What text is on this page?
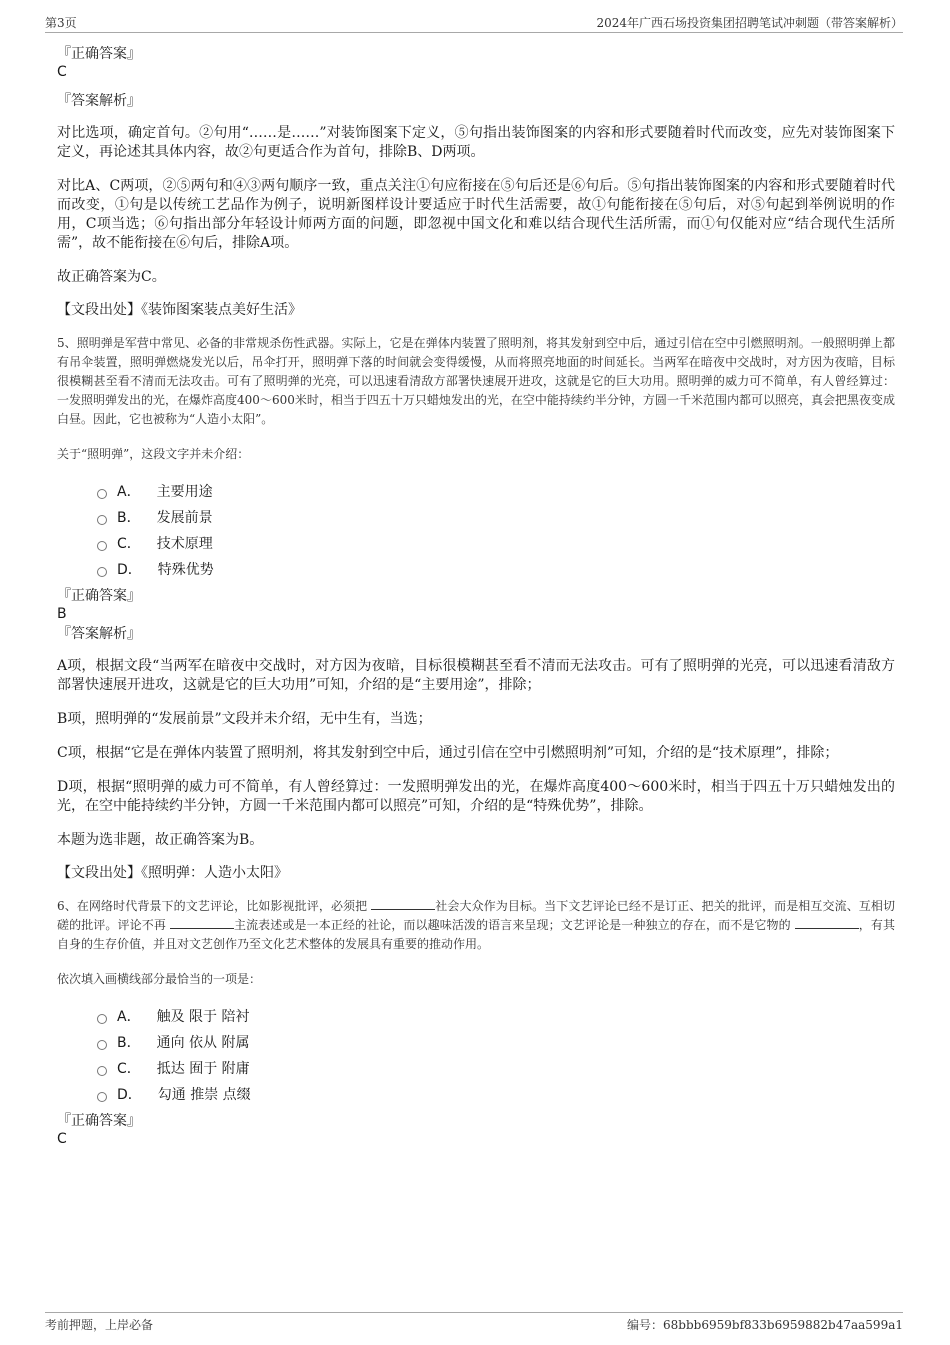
第3页	2024年广西石场投资集团招聘笔试冲刺题（带答案解析）

『正确答案』

C

『答案解析』

对比选项，确定首句。②句用“……是……”对装饰图案下定义，⑤句指出装饰图案的内容和形式要随着时代而改变，应先对装饰图案下定义，再论述其具体内容，故②句更适合作为首句，排除B、D两项。

对比A、C两项，②⑤两句和④③两句顺序一致，重点关注①句应衔接在⑤句后还是⑥句后。⑤句指出装饰图案的内容和形式要随着时代而改变，①句是以传统工艺品作为例子，说明新图样设计要适应于时代生活需要，故①句能衔接在⑤句后，对⑤句起到举例说明的作用，C项当选；⑥句指出部分年轻设计师两方面的问题，即忽视中国文化和难以结合现代生活所需，而①句仅能对应“结合现代生活所需”，故不能衔接在⑥句后，排除A项。

故正确答案为C。

【文段出处】《装饰图案装点美好生活》

5、照明弹是军营中常见、必备的非常规杀伤性武器。实际上，它是在弹体内装置了照明剂，将其发射到空中后，通过引信在空中引燃照明剂。一般照明弹上都有吊伞装置，照明弹燃烧发光以后，吊伞打开，照明弹下落的时间就会变得缓慢，从而将照亮地面的时间延长。当两军在暗夜中交战时，对方因为夜暗，目标很模糊甚至看不清而无法攻击。可有了照明弹的光亮，可以迅速看清敌方部署快速展开进攻，这就是它的巨大功用。照明弹的威力可不简单，有人曾经算过：一发照明弹发出的光，在爆炸高度400～600米时，相当于四五十万只蜡烛发出的光，在空中能持续约半分钟，方圆一千米范围内都可以照亮，真会把黑夜变成白昼。因此，它也被称为“人造小太阳”。

关于“照明弹”，这段文字并未介绍：

A． 主要用途
B． 发展前景
C． 技术原理
D． 特殊优势

『正确答案』

B

『答案解析』

A项，根据文段“当两军在暗夜中交战时，对方因为夜暗，目标很模糊甚至看不清而无法攻击。可有了照明弹的光亮，可以迅速看清敌方部署快速展开进攻，这就是它的巨大功用”可知，介绍的是“主要用途”，排除；

B项，照明弹的“发展前景”文段并未介绍，无中生有，当选；

C项，根据“它是在弹体内装置了照明剂，将其发射到空中后，通过引信在空中引燃照明剂”可知，介绍的是“技术原理”，排除；

D项，根据“照明弹的威力可不简单，有人曾经算过：一发照明弹发出的光，在爆炸高度400～600米时，相当于四五十万只蜡烛发出的光，在空中能持续约半分钟，方圆一千米范围内都可以照亮”可知，介绍的是“特殊优势”，排除。

本题为选非题，故正确答案为B。

【文段出处】《照明弹：人造小太阳》

6、在网络时代背景下的文艺评论，比如影视批评，必须把	社会大众作为目标。当下文艺评论已经不是订正、把关的批评，而是相互交流、互相切磋的批评。评论不再	主流表述或是一本正经的社论，而以趣味活泼的语言来呈现；文艺评论是一种独立的存在，而不是它物的	，有其自身的生存价值，并且对文艺创作乃至文化艺术整体的发展具有重要的推动作用。

依次填入画横线部分最恰当的一项是：

A． 触及 限于 陪衬
B． 通向 依从 附属
C． 抵达 囿于 附庸
D． 勾通 推崇 点缀

『正确答案』

C

考前押题，上岸必备	编号：68bbb6959bf833b6959882b47aa599a1
